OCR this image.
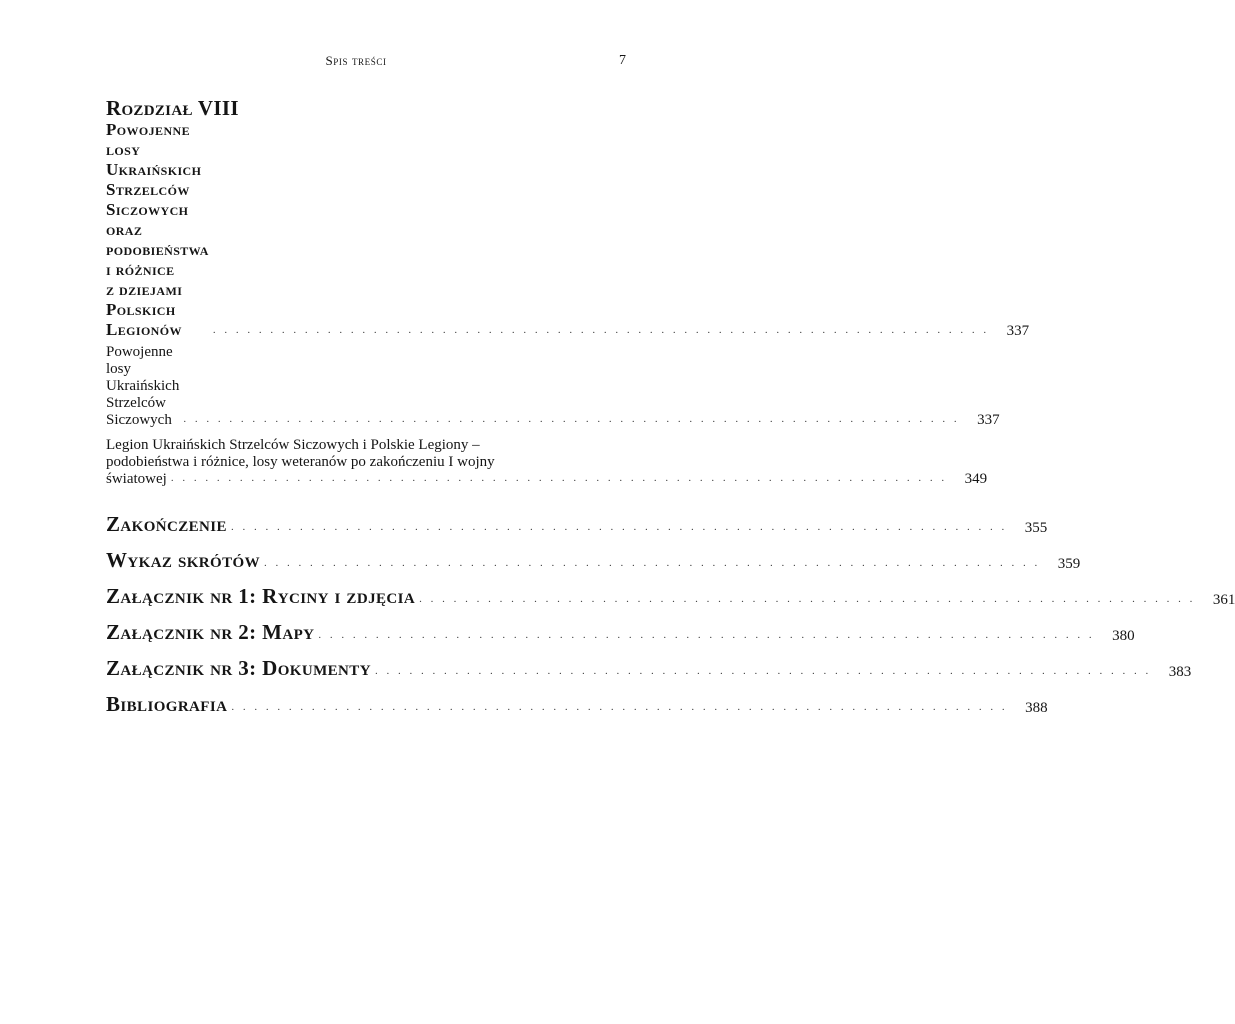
Spis treści	7
Rozdział VIII
Powojenne losy Ukraińskich Strzelców
Siczowych oraz podobieństwa i różnice
z dziejami Polskich Legionów	. . . . . . . . . . . . . . . . . . . . . . . . . . . . . . . . . . . . . . . . . . . . . . . . . . . . . . . . . . . . . . . . . . . .	337
Powojenne losy Ukraińskich Strzelców Siczowych	. . . . . . . . . . . . . . . . . . . . . . . . . . . . . . . . . . . . . . . . . . . . . . . . . . . . . . . . . . . . . . . . . . . .	337
Legion Ukraińskich Strzelców Siczowych i Polskie Legiony –
podobieństwa i różnice, losy weteranów po zakończeniu I wojny
światowej . . . . . . . . . . . . . . . . . . . . . . . . . . . . . . . . . . . . . . . . . . . . . . . . . . . . . . . . . . . . . . . . . . . .	349
Zakończenie . . . . . . . . . . . . . . . . . . . . . . . . . . . . . . . . . . . . . . . . . . . . . . . . . . . . . . . . . . . . . . . . . . . .	355
Wykaz skrótów . . . . . . . . . . . . . . . . . . . . . . . . . . . . . . . . . . . . . . . . . . . . . . . . . . . . . . . . . . . . . . . . . . . .	359
Załącznik nr 1: Ryciny i zdjęcia . . . . . . . . . . . . . . . . . . . . . . . . . . . . . . . . . . . . . . . . . . . . . . . . . . . . . . . . . . . . . . . . . . . .	361
Załącznik nr 2: Mapy . . . . . . . . . . . . . . . . . . . . . . . . . . . . . . . . . . . . . . . . . . . . . . . . . . . . . . . . . . . . . . . . . . . .	380
Załącznik nr 3: Dokumenty . . . . . . . . . . . . . . . . . . . . . . . . . . . . . . . . . . . . . . . . . . . . . . . . . . . . . . . . . . . . . . . . . . . .	383
Bibliografia . . . . . . . . . . . . . . . . . . . . . . . . . . . . . . . . . . . . . . . . . . . . . . . . . . . . . . . . . . . . . . . . . . . .	388
